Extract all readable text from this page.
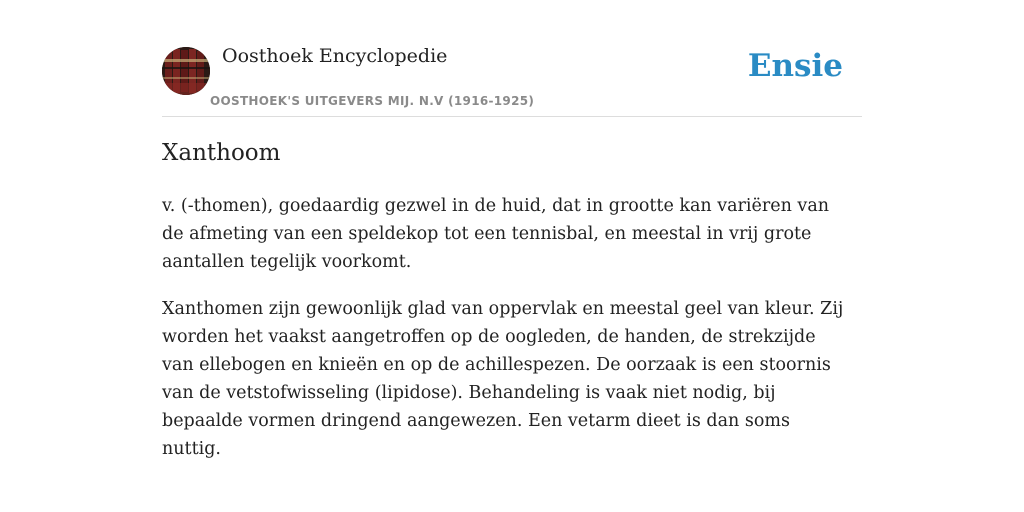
Oosthoek Encyclopedie
OOSTHOEK'S UITGEVERS MIJ. N.V (1916-1925)
Ensie
Xanthoom

v. (-thomen), goedaardig gezwel in de huid, dat in grootte kan variëren van de afmeting van een speldekop tot een tennisbal, en meestal in vrij grote aantallen tegelijk voorkomt.

Xanthomen zijn gewoonlijk glad van oppervlak en meestal geel van kleur. Zij worden het vaakst aangetroffen op de oogleden, de handen, de strekzijde van ellebogen en knieën en op de achillespezen. De oorzaak is een stoornis van de vetstofwisseling (lipidose). Behandeling is vaak niet nodig, bij bepaalde vormen dringend aangewezen. Een vetarm dieet is dan soms nuttig.
